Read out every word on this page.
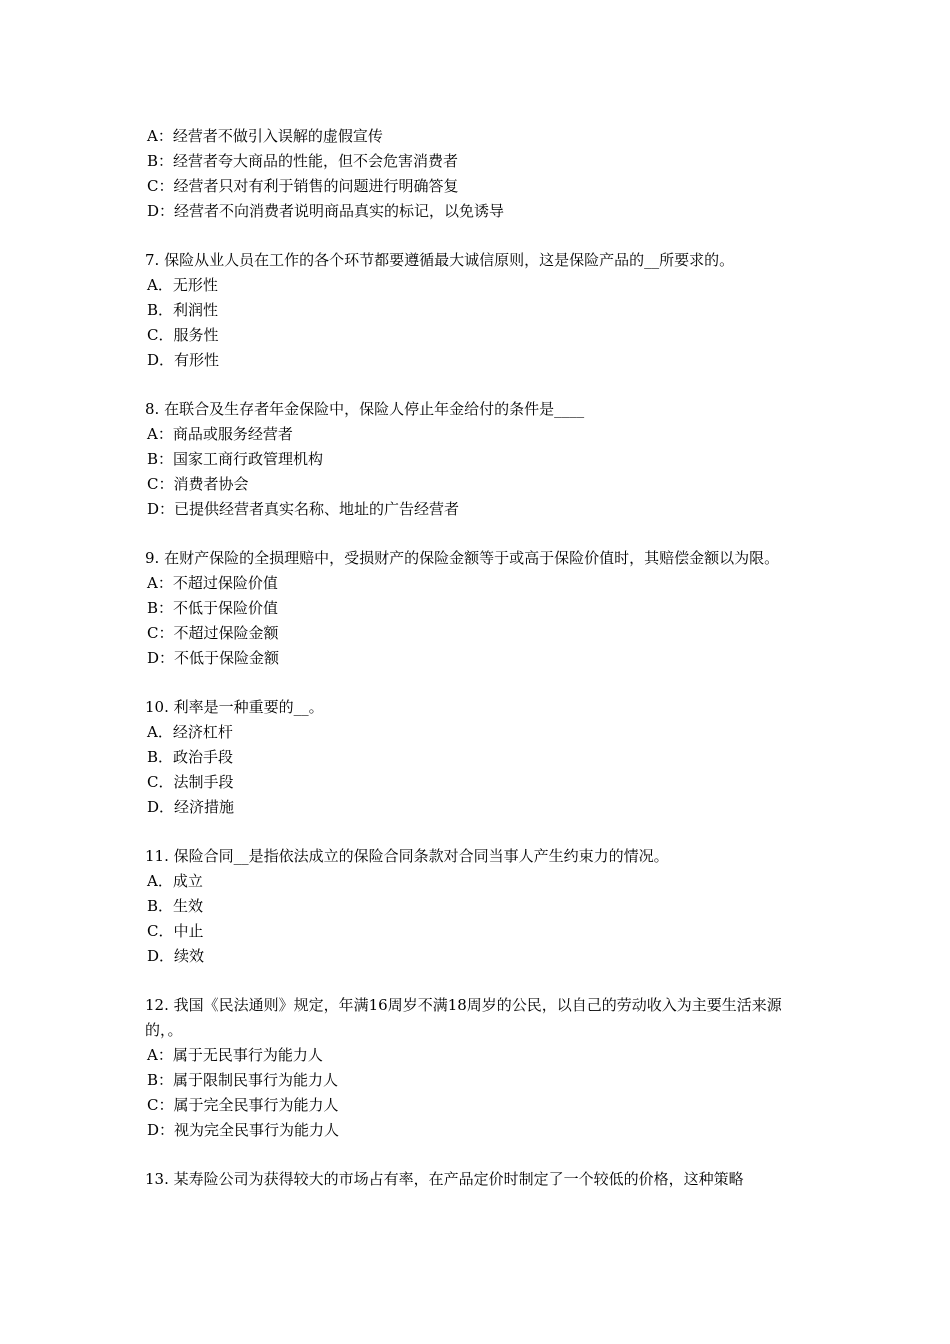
A：经营者不做引入误解的虚假宣传
B：经营者夸大商品的性能，但不会危害消费者
C：经营者只对有利于销售的问题进行明确答复
D：经营者不向消费者说明商品真实的标记，以免诱导
7. 保险从业人员在工作的各个环节都要遵循最大诚信原则，这是保险产品的__所要求的。
A．无形性
B．利润性
C．服务性
D．有形性
8. 在联合及生存者年金保险中，保险人停止年金给付的条件是____
A：商品或服务经营者
B：国家工商行政管理机构
C：消费者协会
D：已提供经营者真实名称、地址的广告经营者
9. 在财产保险的全损理赔中，受损财产的保险金额等于或高于保险价值时，其赔偿金额以为限。
A：不超过保险价值
B：不低于保险价值
C：不超过保险金额
D：不低于保险金额
10. 利率是一种重要的__。
A．经济杠杆
B．政治手段
C．法制手段
D．经济措施
11. 保险合同__是指依法成立的保险合同条款对合同当事人产生约束力的情况。
A．成立
B．生效
C．中止
D．续效
12. 我国《民法通则》规定，年满16周岁不满18周岁的公民，以自己的劳动收入为主要生活来源的，。
A：属于无民事行为能力人
B：属于限制民事行为能力人
C：属于完全民事行为能力人
D：视为完全民事行为能力人
13. 某寿险公司为获得较大的市场占有率，在产品定价时制定了一个较低的价格，这种策略
